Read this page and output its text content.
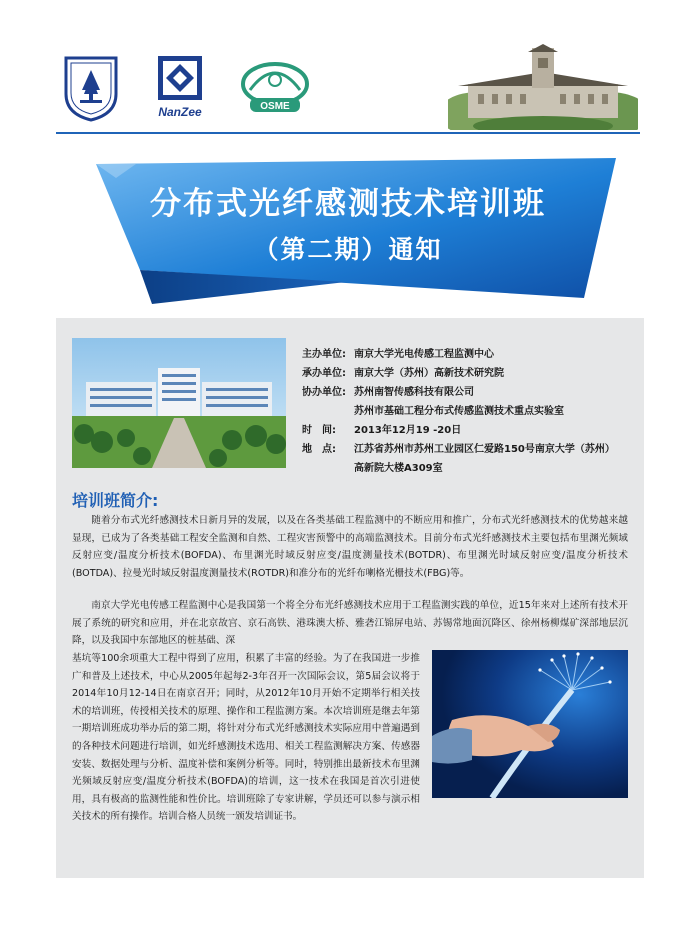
NanZee	OSME
分布式光纤感测技术培训班
（第二期）通知
主办单位: 南京大学光电传感工程监测中心
承办单位: 南京大学（苏州）高新技术研究院
协办单位: 苏州南智传感科技有限公司
苏州市基础工程分布式传感监测技术重点实验室
时　间:	2013年12月19 -20日
地　点:	江苏省苏州市苏州工业园区仁爱路150号南京大学（苏州）
高新院大楼A309室
培训班简介:
随着分布式光纤感测技术日新月异的发展，以及在各类基础工程监测中的不断应用和推广，分布式光纤感测技术的优势越来越显现，已成为了各类基础工程安全监测和自然、工程灾害预警中的高端监测技术。目前分布式光纤感测技术主要包括布里渊光频域反射应变/温度分析技术(BOFDA)、布里渊光时域反射应变/温度测量技术(BOTDR)、布里渊光时域反射应变/温度分析技术(BOTDA)、拉曼光时域反射温度测量技术(ROTDR)和准分布的光纤布喇格光栅技术(FBG)等。
南京大学光电传感工程监测中心是我国第一个将全分布光纤感测技术应用于工程监测实践的单位，近15年来对上述所有技术开展了系统的研究和应用，并在北京故宫、京石高铁、港珠澳大桥、雅砻江锦屏电站、苏锡常地面沉降区、徐州杨柳煤矿深部地层沉降，以及我国中东部地区的桩基础、深
基坑等100余项重大工程中得到了应用，积累了丰富的经验。为了在我国进一步推广和普及上述技术，中心从2005年起每2-3年召开一次国际会议，第5届会议将于2014年10月12-14日在南京召开；同时，从2012年10月开始不定期举行相关技术的培训班，传授相关技术的原理、操作和工程监测方案。本次培训班是继去年第一期培训班成功举办后的第二期，将针对分布式光纤感测技术实际应用中普遍遇到的各种技术问题进行培训，如光纤感测技术选用、相关工程监测解决方案、传感器安装、数据处理与分析、温度补偿和案例分析等。同时，特别推出最新技术布里渊光频域反射应变/温度分析技术(BOFDA)的培训，这一技术在我国是首次引进使用，具有极高的监测性能和性价比。培训班除了专家讲解，学员还可以参与演示相关技术的所有操作。培训合格人员统一颁发培训证书。
